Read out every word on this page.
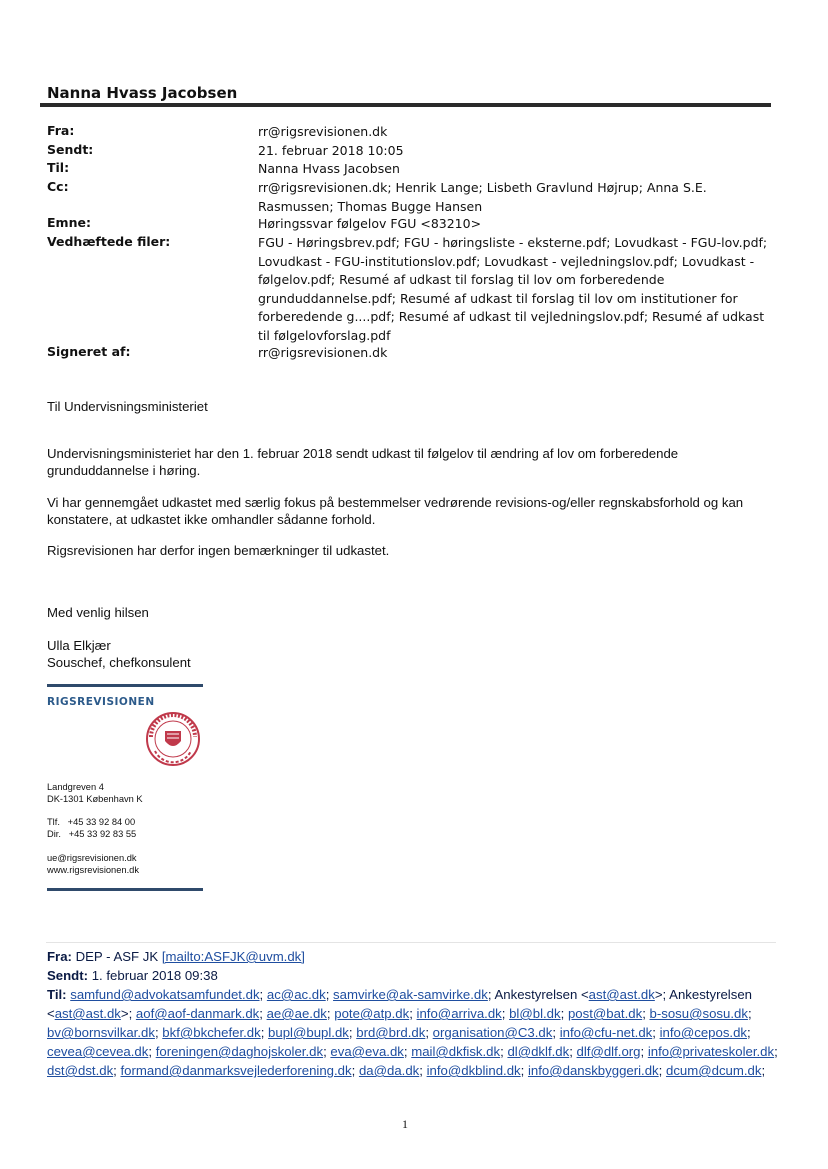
Nanna Hvass Jacobsen
Fra:	rr@rigsrevisionen.dk
Sendt:	21. februar 2018 10:05
Til:	Nanna Hvass Jacobsen
Cc:	rr@rigsrevisionen.dk; Henrik Lange; Lisbeth Gravlund Højrup; Anna S.E. Rasmussen; Thomas Bugge Hansen
Emne:	Høringssvar følgelov FGU <83210>
Vedhæftede filer:	FGU - Høringsbrev.pdf; FGU - høringsliste - eksterne.pdf; Lovudkast - FGU-lov.pdf; Lovudkast - FGU-institutionslov.pdf; Lovudkast - vejledningslov.pdf; Lovudkast - følgelov.pdf; Resumé af udkast til forslag til lov om forberedende grunduddannelse.pdf; Resumé af udkast til forslag til lov om institutioner for forberedende g....pdf; Resumé af udkast til vejledningslov.pdf; Resumé af udkast til følgelovforslag.pdf
Signeret af:	rr@rigsrevisionen.dk
Til Undervisningsministeriet
Undervisningsministeriet har den 1. februar 2018 sendt udkast til følgelov til ændring af lov om forberedende grunduddannelse i høring.
Vi har gennemgået udkastet med særlig fokus på bestemmelser vedrørende revisions-og/eller regnskabsforhold og kan konstatere, at udkastet ikke omhandler sådanne forhold.
Rigsrevisionen har derfor ingen bemærkninger til udkastet.
Med venlig hilsen
Ulla Elkjær
Souschef, chefkonsulent
RIGSREVISIONEN
Landgreven 4
DK-1301 København K
Tlf.   +45 33 92 84 00
Dir.   +45 33 92 83 55
ue@rigsrevisionen.dk
www.rigsrevisionen.dk
Fra: DEP - ASF JK [mailto:ASFJK@uvm.dk]
Sendt: 1. februar 2018 09:38
Til: samfund@advokatsamfundet.dk; ac@ac.dk; samvirke@ak-samvirke.dk; Ankestyrelsen <ast@ast.dk>; Ankestyrelsen <ast@ast.dk>; aof@aof-danmark.dk; ae@ae.dk; pote@atp.dk; info@arriva.dk; bl@bl.dk; post@bat.dk; b-sosu@sosu.dk; bv@bornsvilkar.dk; bkf@bkchefer.dk; bupl@bupl.dk; brd@brd.dk; organisation@C3.dk; info@cfu-net.dk; info@cepos.dk; cevea@cevea.dk; foreningen@daghojskoler.dk; eva@eva.dk; mail@dkfisk.dk; dl@dklf.dk; dlf@dlf.org; info@privateskoler.dk; dst@dst.dk; formand@danmarksvejlederforening.dk; da@da.dk; info@dkblind.dk; info@danskbyggeri.dk; dcum@dcum.dk;
1
